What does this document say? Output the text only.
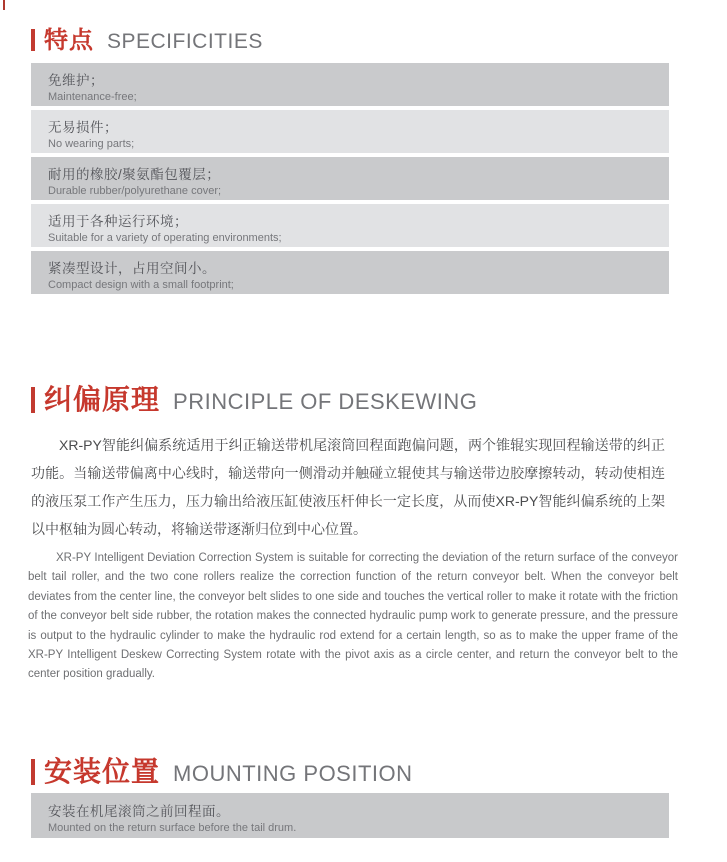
特点 SPECIFICITIES
免维护；
Maintenance-free;
无易损件；
No wearing parts;
耐用的橡胶/聚氨酯包覆层；
Durable rubber/polyurethane cover;
适用于各种运行环境；
Suitable for a variety of operating environments;
紧凑型设计，占用空间小。
Compact design with a small footprint;
纠偏原理 PRINCIPLE OF DESKEWING
XR-PY智能纠偏系统适用于纠正输送带机尾滚筒回程面跑偏问题，两个锥辊实现回程输送带的纠正功能。当输送带偏离中心线时，输送带向一侧滑动并触碰立辊使其与输送带边胶摩擦转动，转动使相连的液压泵工作产生压力，压力输出给液压缸使液压杆伸长一定长度，从而使XR-PY智能纠偏系统的上架以中枢轴为圆心转动，将输送带逐渐归位到中心位置。
XR-PY Intelligent Deviation Correction System is suitable for correcting the deviation of the return surface of the conveyor belt tail roller, and the two cone rollers realize the correction function of the return conveyor belt. When the conveyor belt deviates from the center line, the conveyor belt slides to one side and touches the vertical roller to make it rotate with the friction of the conveyor belt side rubber, the rotation makes the connected hydraulic pump work to generate pressure, and the pressure is output to the hydraulic cylinder to make the hydraulic rod extend for a certain length, so as to make the upper frame of the XR-PY Intelligent Deskew Correcting System rotate with the pivot axis as a circle center, and return the conveyor belt to the center position gradually.
安装位置 MOUNTING POSITION
安装在机尾滚筒之前回程面。
Mounted on the return surface before the tail drum.
